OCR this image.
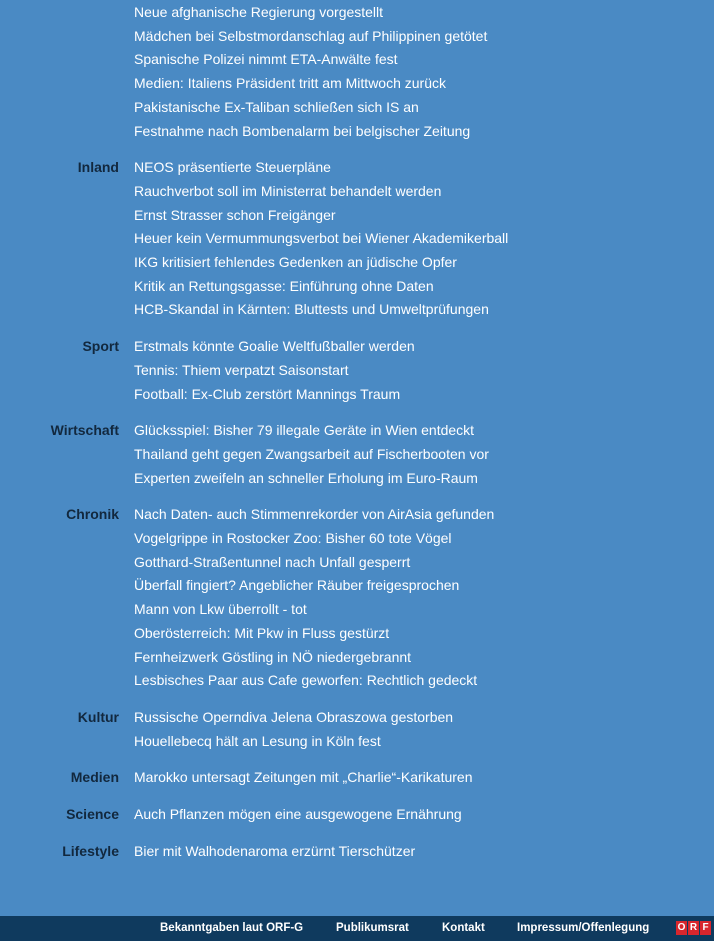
Neue afghanische Regierung vorgestellt
Mädchen bei Selbstmordanschlag auf Philippinen getötet
Spanische Polizei nimmt ETA-Anwälte fest
Medien: Italiens Präsident tritt am Mittwoch zurück
Pakistanische Ex-Taliban schließen sich IS an
Festnahme nach Bombenalarm bei belgischer Zeitung
Inland	NEOS präsentierte Steuerpläne
Rauchverbot soll im Ministerrat behandelt werden
Ernst Strasser schon Freigänger
Heuer kein Vermummungsverbot bei Wiener Akademikerball
IKG kritisiert fehlendes Gedenken an jüdische Opfer
Kritik an Rettungsgasse: Einführung ohne Daten
HCB-Skandal in Kärnten: Bluttests und Umweltprüfungen
Sport	Erstmals könnte Goalie Weltfußballer werden
Tennis: Thiem verpatzt Saisonstart
Football: Ex-Club zerstört Mannings Traum
Wirtschaft	Glücksspiel: Bisher 79 illegale Geräte in Wien entdeckt
Thailand geht gegen Zwangsarbeit auf Fischerbooten vor
Experten zweifeln an schneller Erholung im Euro-Raum
Chronik	Nach Daten- auch Stimmenrekorder von AirAsia gefunden
Vogelgrippe in Rostocker Zoo: Bisher 60 tote Vögel
Gotthard-Straßentunnel nach Unfall gesperrt
Überfall fingiert? Angeblicher Räuber freigesprochen
Mann von Lkw überrollt - tot
Oberösterreich: Mit Pkw in Fluss gestürzt
Fernheizwerk Göstling in NÖ niedergebrannt
Lesbisches Paar aus Cafe geworfen: Rechtlich gedeckt
Kultur	Russische Operndiva Jelena Obraszowa gestorben
Houellebecq hält an Lesung in Köln fest
Medien	Marokko untersagt Zeitungen mit „Charlie“-Karikaturen
Science	Auch Pflanzen mögen eine ausgewogene Ernährung
Lifestyle	Bier mit Walhodenaroma erzürnt Tierschützer
Bekanntgaben laut ORF-G	Publikumsrat	Kontakt	Impressum/Offenlegung	O R F
